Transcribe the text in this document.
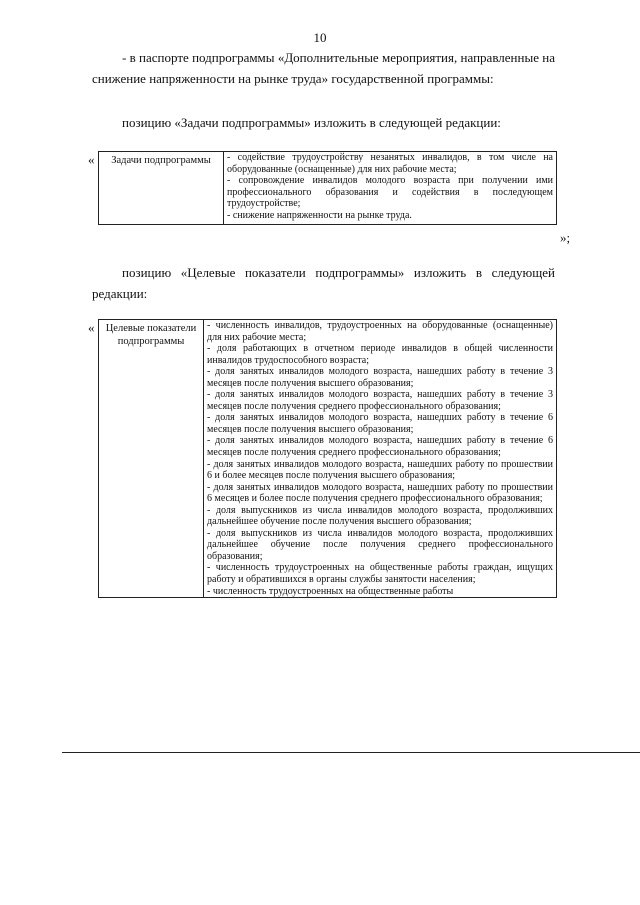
10
- в паспорте подпрограммы «Дополнительные мероприятия, направленные на снижение напряженности на рынке труда» государственной программы:
позицию «Задачи подпрограммы» изложить в следующей редакции:
« Задачи подпрограммы	- содействие трудоустройству незанятых инвалидов, в том числе на оборудованные (оснащенные) для них рабочие места;
- сопровождение инвалидов молодого возраста при получении ими профессионального образования и содействия в последующем трудоустройстве;
- снижение напряженности на рынке труда.
»;
позицию «Целевые показатели подпрограммы» изложить в следующей редакции:
« Целевые показатели подпрограммы	
- численность инвалидов, трудоустроенных на оборудованные (оснащенные) для них рабочие места;
- доля работающих в отчетном периоде инвалидов в общей численности инвалидов трудоспособного возраста;
- доля занятых инвалидов молодого возраста, нашедших работу в течение 3 месяцев после получения высшего образования;
- доля занятых инвалидов молодого возраста, нашедших работу в течение 3 месяцев после получения среднего профессионального образования;
- доля занятых инвалидов молодого возраста, нашедших работу в течение 6 месяцев после получения высшего образования;
- доля занятых инвалидов молодого возраста, нашедших работу в течение 6 месяцев после получения среднего профессионального образования;
- доля занятых инвалидов молодого возраста, нашедших работу по прошествии 6 и более месяцев после получения высшего образования;
- доля занятых инвалидов молодого возраста, нашедших работу по прошествии 6 месяцев и более после получения среднего профессионального образования;
- доля выпускников из числа инвалидов молодого возраста, продолживших дальнейшее обучение после получения высшего образования;
- доля выпускников из числа инвалидов молодого возраста, продолживших дальнейшее обучение после получения среднего профессионального образования;
- численность трудоустроенных на общественные работы граждан, ищущих работу и обратившихся в органы службы занятости населения;
- численность трудоустроенных на общественные работы
